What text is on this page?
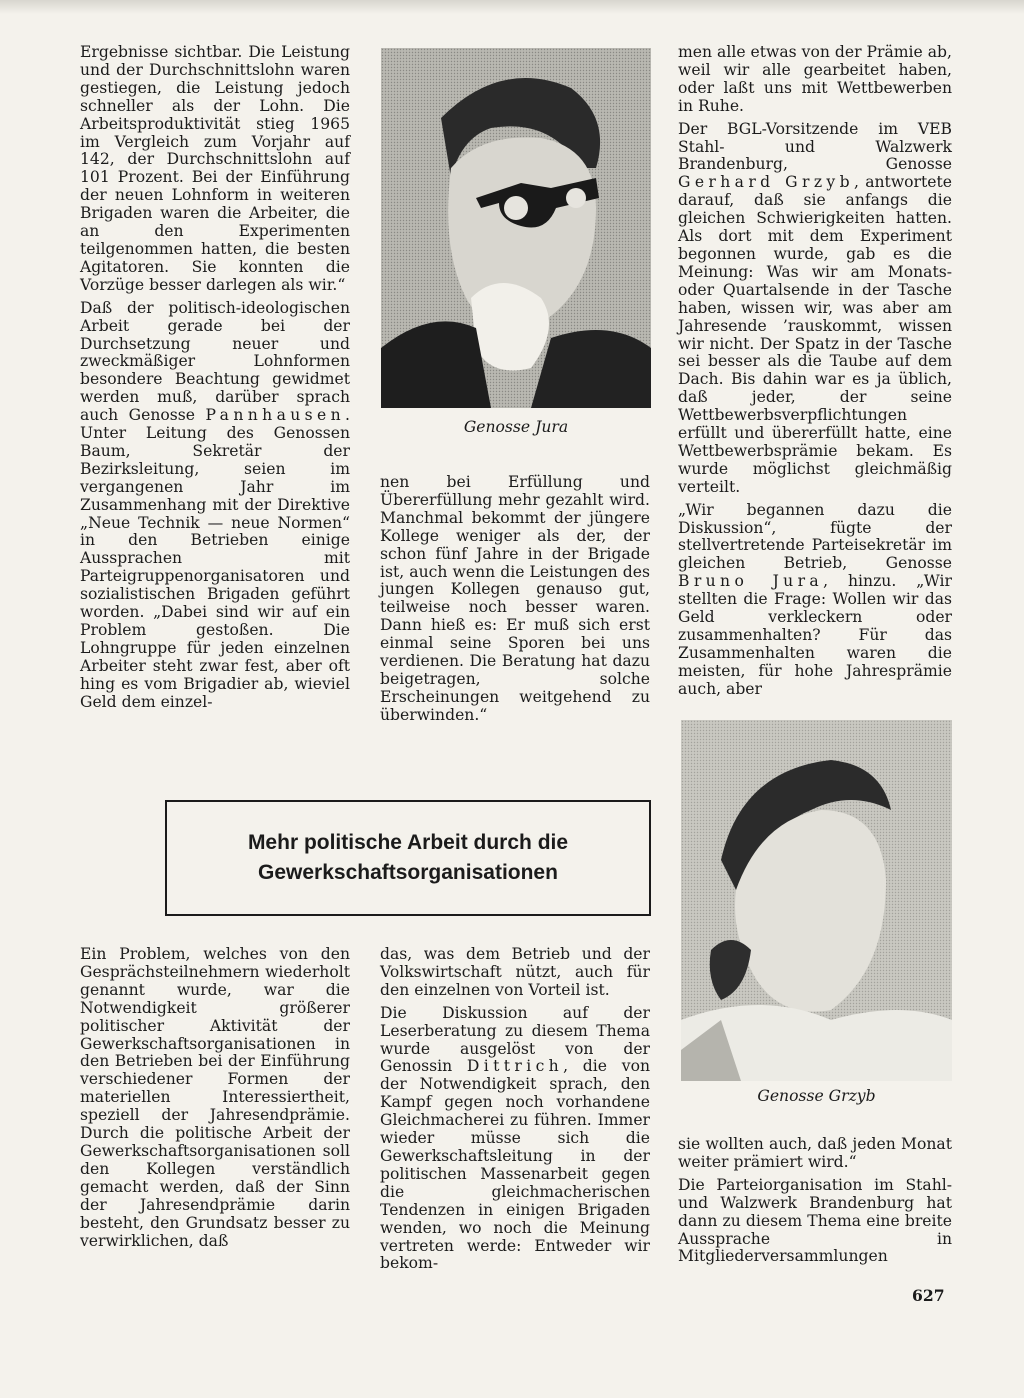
Ergebnisse sichtbar. Die Leistung und der Durchschnittslohn waren gestiegen, die Leistung jedoch schneller als der Lohn. Die Arbeitsproduktivität stieg 1965 im Vergleich zum Vorjahr auf 142, der Durchschnittslohn auf 101 Prozent. Bei der Einführung der neuen Lohnform in weiteren Brigaden waren die Arbeiter, die an den Experimenten teilgenommen hatten, die besten Agitatoren. Sie konnten die Vorzüge besser darlegen als wir.“

Daß der politisch-ideologischen Arbeit gerade bei der Durchsetzung neuer und zweckmäßiger Lohnformen besondere Beachtung gewidmet werden muß, darüber sprach auch Genosse Pannhausen. Unter Leitung des Genossen Baum, Sekretär der Bezirksleitung, seien im vergangenen Jahr im Zusammenhang mit der Direktive „Neue Technik — neue Normen“ in den Betrieben einige Aussprachen mit Parteigruppenorganisatoren und sozialistischen Brigaden geführt worden. „Dabei sind wir auf ein Problem gestoßen. Die Lohngruppe für jeden einzelnen Arbeiter steht zwar fest, aber oft hing es vom Brigadier ab, wieviel Geld dem einzel-

Genosse Jura

nen bei Erfüllung und Übererfüllung mehr gezahlt wird. Manchmal bekommt der jüngere Kollege weniger als der, der schon fünf Jahre in der Brigade ist, auch wenn die Leistungen des jungen Kollegen genauso gut, teilweise noch besser waren. Dann hieß es: Er muß sich erst einmal seine Sporen bei uns verdienen. Die Beratung hat dazu beigetragen, solche Erscheinungen weitgehend zu überwinden.“

men alle etwas von der Prämie ab, weil wir alle gearbeitet haben, oder laßt uns mit Wettbewerben in Ruhe.

Der BGL-Vorsitzende im VEB Stahl- und Walzwerk Brandenburg, Genosse Gerhard Grzyb, antwortete darauf, daß sie anfangs die gleichen Schwierigkeiten hatten. Als dort mit dem Experiment begonnen wurde, gab es die Meinung: Was wir am Monats- oder Quartalsende in der Tasche haben, wissen wir, was aber am Jahresende ’rauskommt, wissen wir nicht. Der Spatz in der Tasche sei besser als die Taube auf dem Dach. Bis dahin war es ja üblich, daß jeder, der seine Wettbewerbsverpflichtungen erfüllt und übererfüllt hatte, eine Wettbewerbsprämie bekam. Es wurde möglichst gleichmäßig verteilt.

„Wir begannen dazu die Diskussion“, fügte der stellvertretende Parteisekretär im gleichen Betrieb, Genosse Bruno Jura, hinzu. „Wir stellten die Frage: Wollen wir das Geld verkleckern oder zusammenhalten? Für das Zusammenhalten waren die meisten, für hohe Jahresprämie auch, aber

Genosse Grzyb
Mehr politische Arbeit durch die
Gewerkschaftsorganisationen

Ein Problem, welches von den Gesprächsteilnehmern wiederholt genannt wurde, war die Notwendigkeit größerer politischer Aktivität der Gewerkschaftsorganisationen in den Betrieben bei der Einführung verschiedener Formen der materiellen Interessiertheit, speziell der Jahresendprämie. Durch die politische Arbeit der Gewerkschaftsorganisationen soll den Kollegen verständlich gemacht werden, daß der Sinn der Jahresendprämie darin besteht, den Grundsatz besser zu verwirklichen, daß

das, was dem Betrieb und der Volkswirtschaft nützt, auch für den einzelnen von Vorteil ist.

Die Diskussion auf der Leserberatung zu diesem Thema wurde ausgelöst von der Genossin Dittrich, die von der Notwendigkeit sprach, den Kampf gegen noch vorhandene Gleichmacherei zu führen. Immer wieder müsse sich die Gewerkschaftsleitung in der politischen Massenarbeit gegen die gleichmacherischen Tendenzen in einigen Brigaden wenden, wo noch die Meinung vertreten werde: Entweder wir bekom-

sie wollten auch, daß jeden Monat weiter prämiert wird.“

Die Parteiorganisation im Stahl- und Walzwerk Brandenburg hat dann zu diesem Thema eine breite Aussprache in Mitgliederversammlungen

627
